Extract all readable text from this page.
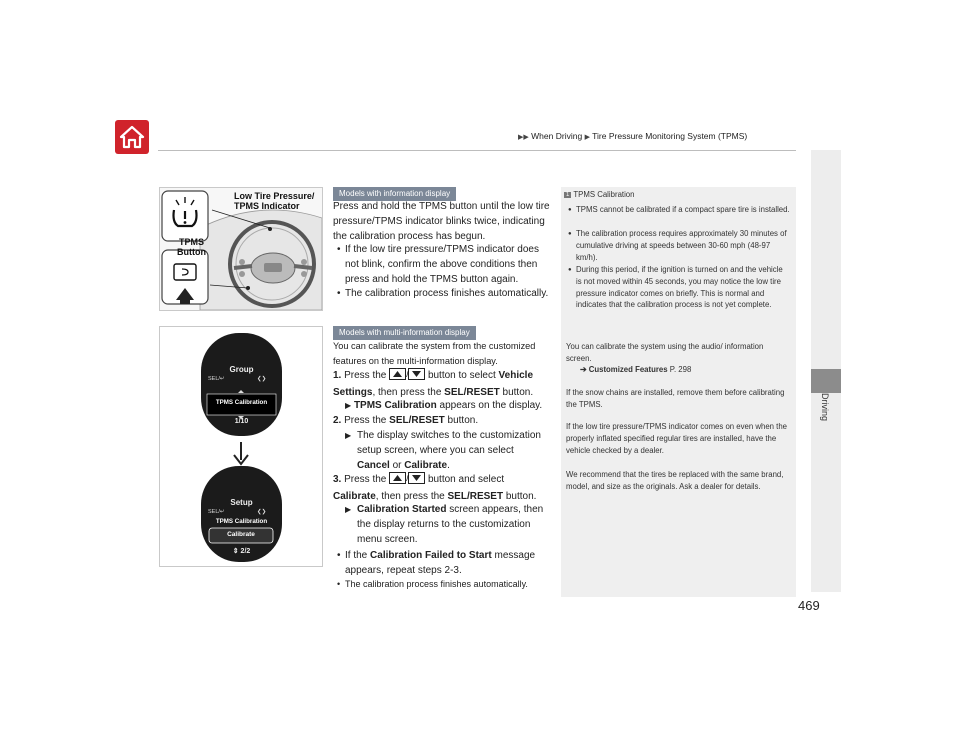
▶▶ When Driving ▶ Tire Pressure Monitoring System (TPMS)
Driving
469
Low Tire Pressure/
TPMS Indicator
TPMS
Button
Group
SEL/↵	❮❯
TPMS Calibration
1/10
Setup
SEL/↵	❮❯
TPMS Calibration
Calibrate
⇕ 2/2
Models with information display
Press and hold the TPMS button until the low tire pressure/TPMS indicator blinks twice, indicating the calibration process has begun.
• If the low tire pressure/TPMS indicator does not blink, confirm the above conditions then press and hold the TPMS button again.
• The calibration process finishes automatically.
Models with multi-information display
You can calibrate the system from the customized features on the multi-information display.
1. Press the / button to select Vehicle Settings, then press the SEL/RESET button.
▶ TPMS Calibration appears on the display.
2. Press the SEL/RESET button.
▶ The display switches to the customization setup screen, where you can select Cancel or Calibrate.
3. Press the / button and select Calibrate, then press the SEL/RESET button.
▶ Calibration Started screen appears, then the display returns to the customization menu screen.
• If the Calibration Failed to Start message appears, repeat steps 2-3.
• The calibration process finishes automatically.
1 TPMS Calibration
TPMS cannot be calibrated if a compact spare tire is installed.
The calibration process requires approximately 30 minutes of cumulative driving at speeds between 30-60 mph (48-97 km/h).
During this period, if the ignition is turned on and the vehicle is not moved within 45 seconds, you may notice the low tire pressure indicator comes on briefly. This is normal and indicates that the calibration process is not yet complete.
You can calibrate the system using the audio/ information screen.
➔ Customized Features P. 298
If the snow chains are installed, remove them before calibrating the TPMS.
If the low tire pressure/TPMS indicator comes on even when the properly inflated specified regular tires are installed, have the vehicle checked by a dealer.
We recommend that the tires be replaced with the same brand, model, and size as the originals. Ask a dealer for details.
